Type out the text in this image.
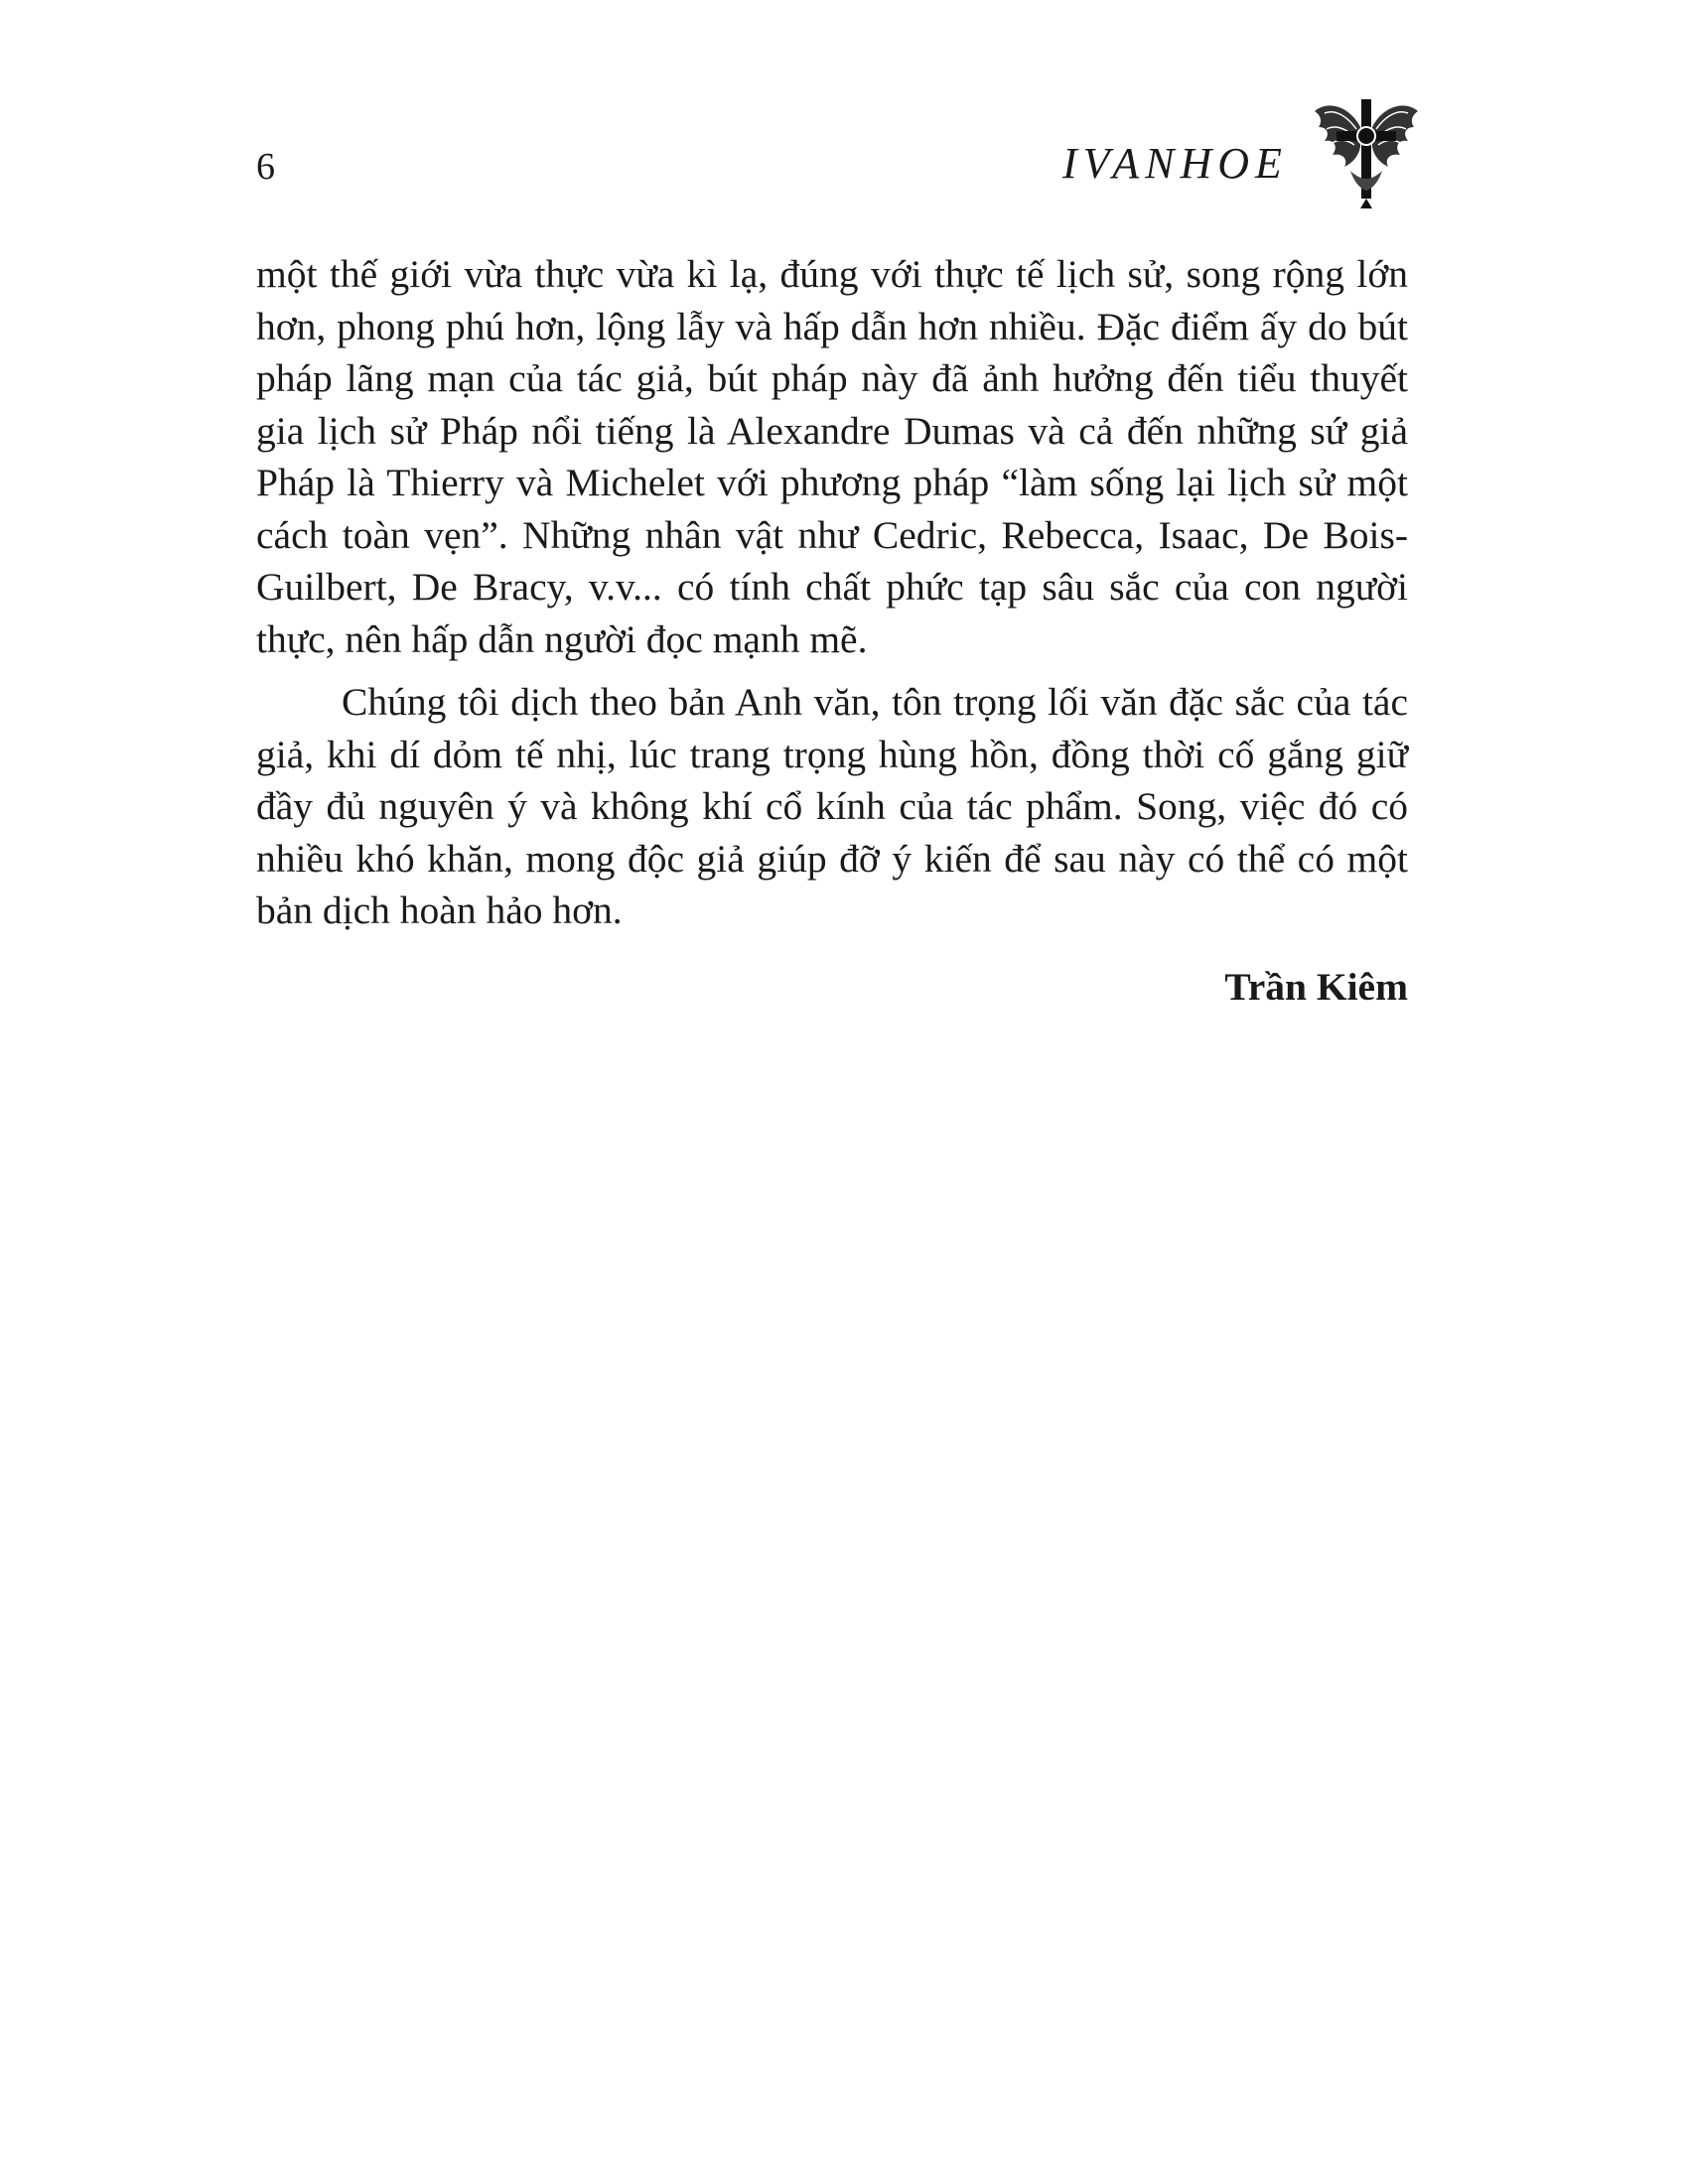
6	IVANHOE

một thế giới vừa thực vừa kì lạ, đúng với thực tế lịch sử, song rộng lớn hơn, phong phú hơn, lộng lẫy và hấp dẫn hơn nhiều. Đặc điểm ấy do bút pháp lãng mạn của tác giả, bút pháp này đã ảnh hưởng đến tiểu thuyết gia lịch sử Pháp nổi tiếng là Alexandre Dumas và cả đến những sứ giả Pháp là Thierry và Michelet với phương pháp “làm sống lại lịch sử một cách toàn vẹn”. Những nhân vật như Cedric, Rebecca, Isaac, De Bois-Guilbert, De Bracy, v.v... có tính chất phức tạp sâu sắc của con người thực, nên hấp dẫn người đọc mạnh mẽ.

Chúng tôi dịch theo bản Anh văn, tôn trọng lối văn đặc sắc của tác giả, khi dí dỏm tế nhị, lúc trang trọng hùng hồn, đồng thời cố gắng giữ đầy đủ nguyên ý và không khí cổ kính của tác phẩm. Song, việc đó có nhiều khó khăn, mong độc giả giúp đỡ ý kiến để sau này có thể có một bản dịch hoàn hảo hơn.

Trần Kiêm
